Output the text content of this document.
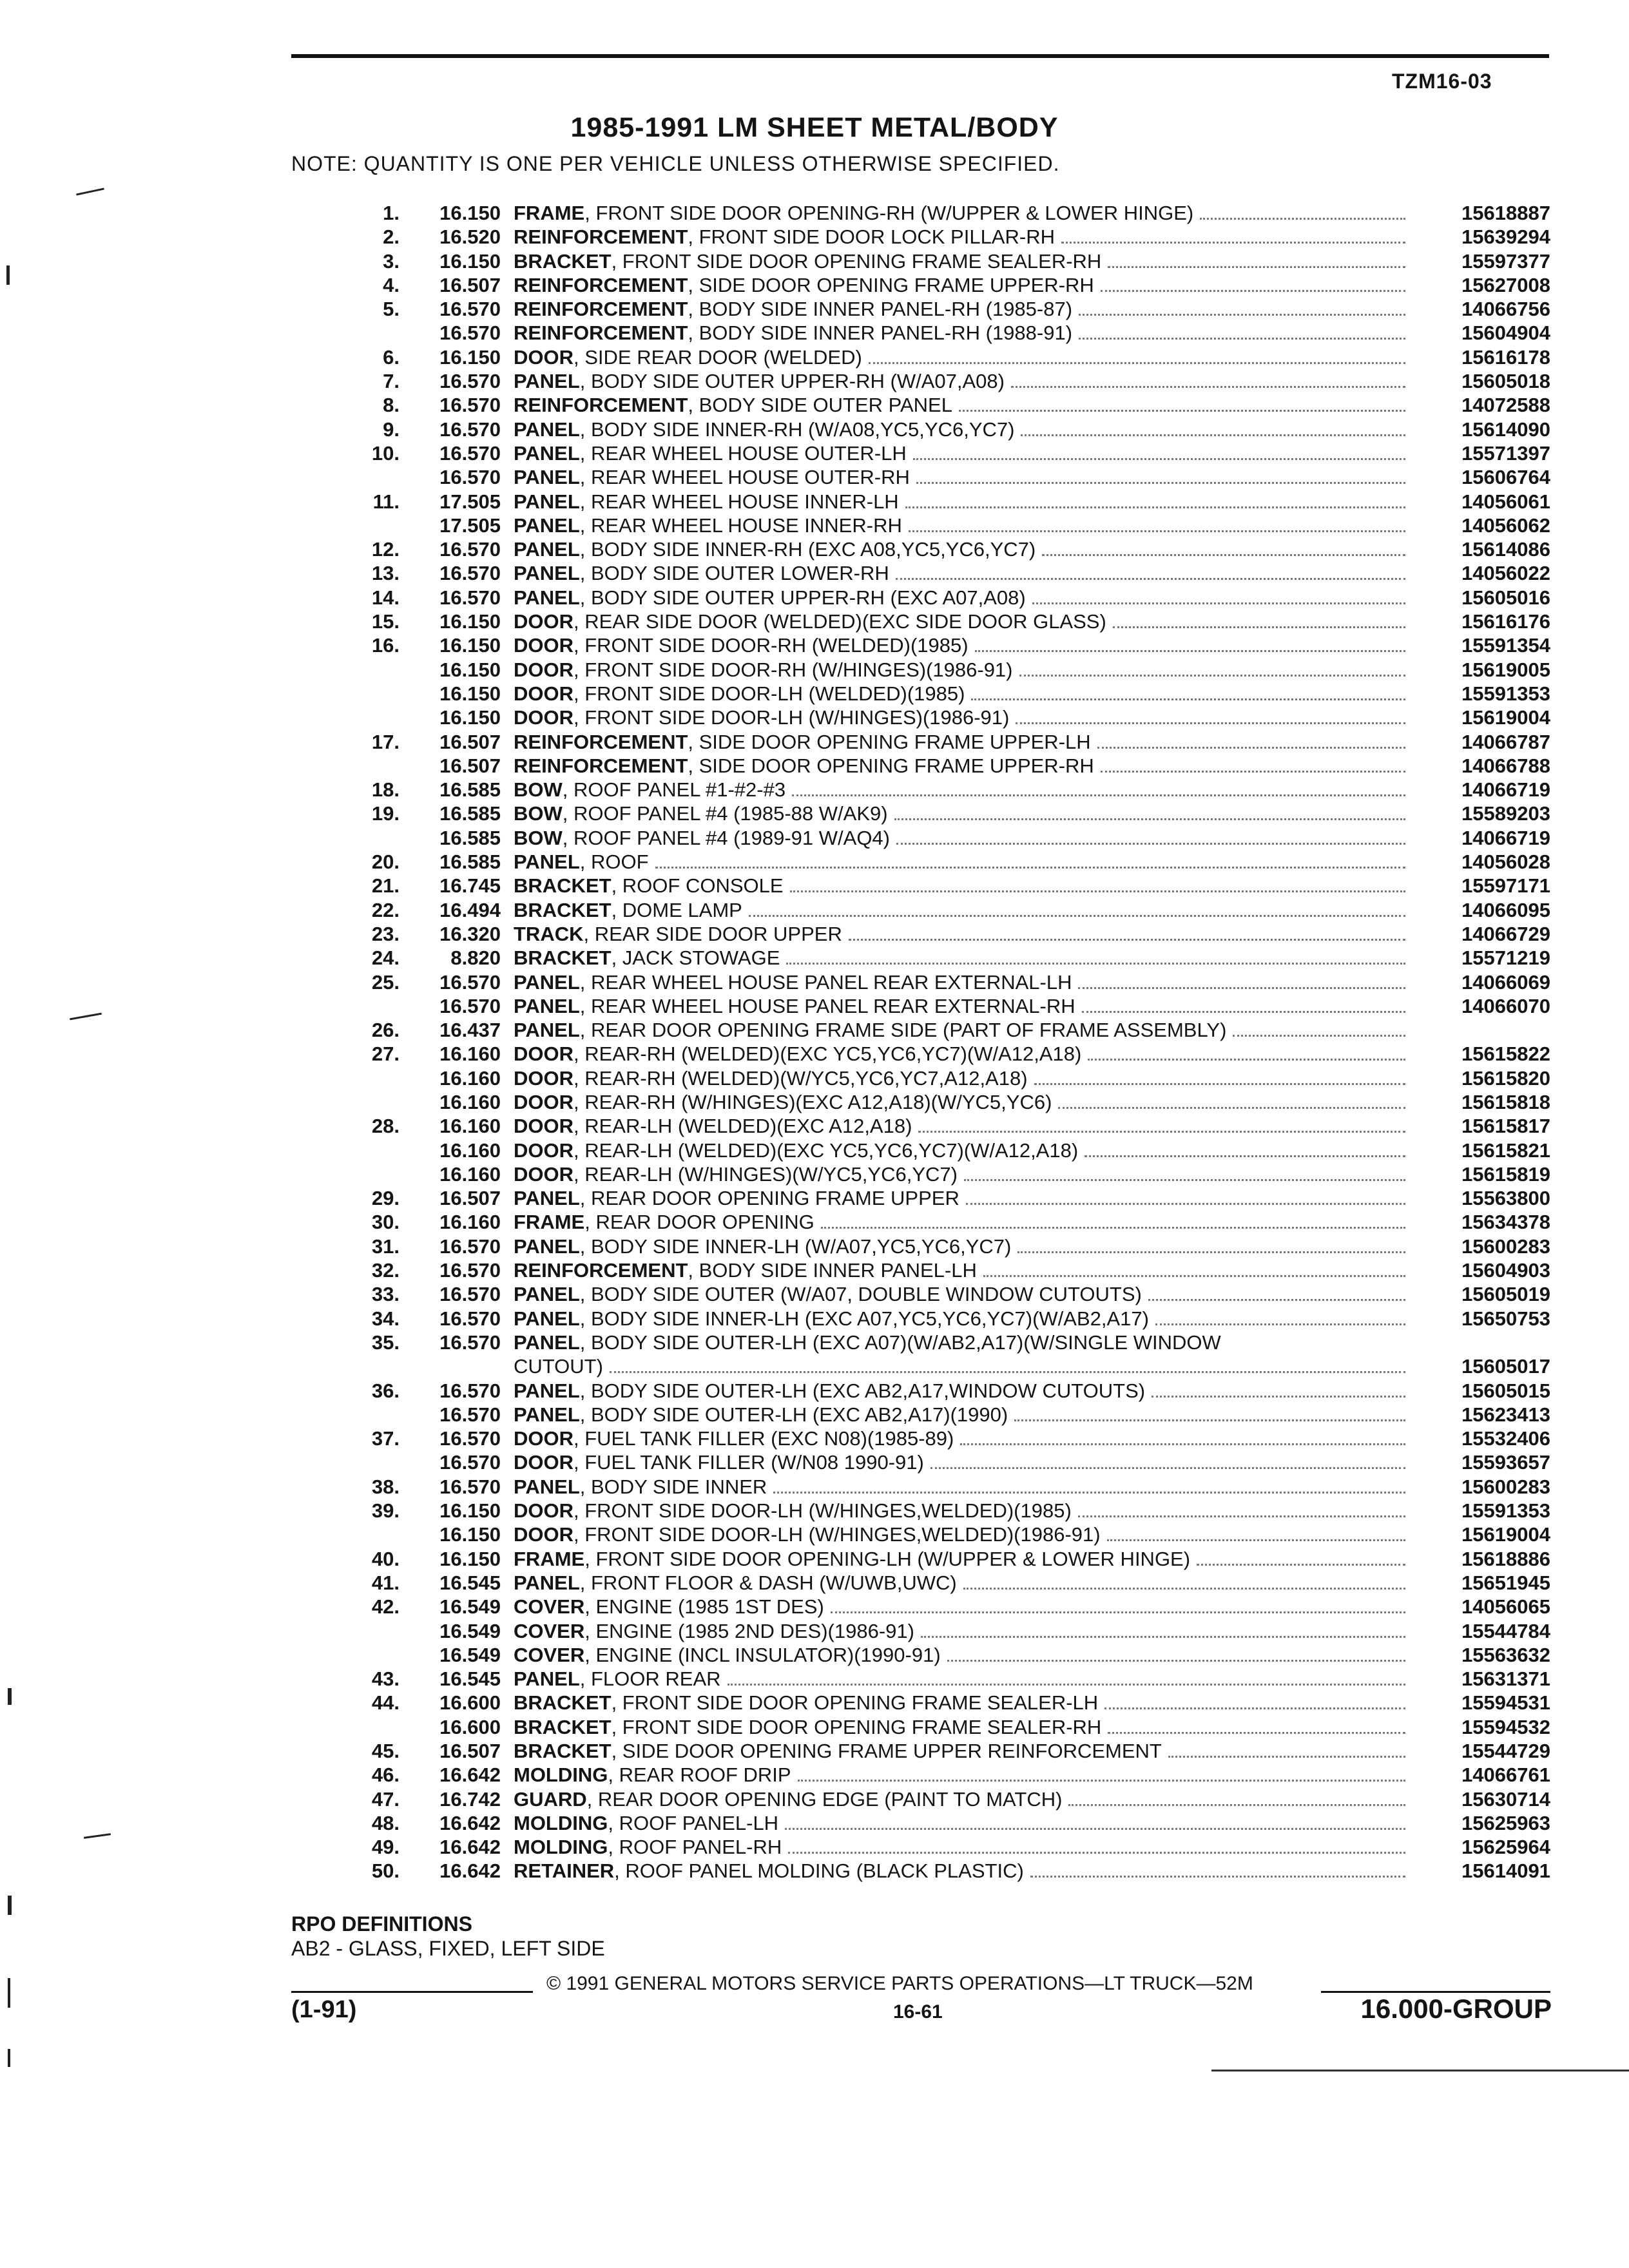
TZM16-03
1985-1991 LM SHEET METAL/BODY
NOTE: QUANTITY IS ONE PER VEHICLE UNLESS OTHERWISE SPECIFIED.
1.	16.150 FRAME , FRONT SIDE DOOR OPENING-RH (W/UPPER & LOWER HINGE)	15618887
2.	16.520 REINFORCEMENT , FRONT SIDE DOOR LOCK PILLAR-RH	15639294
3.	16.150 BRACKET , FRONT SIDE DOOR OPENING FRAME SEALER-RH	15597377
4.	16.507 REINFORCEMENT , SIDE DOOR OPENING FRAME UPPER-RH	15627008
5.	16.570 REINFORCEMENT , BODY SIDE INNER PANEL-RH (1985-87)	14066756
16.570 REINFORCEMENT , BODY SIDE INNER PANEL-RH (1988-91)	15604904
6.	16.150 DOOR , SIDE REAR DOOR (WELDED)	15616178
7.	16.570 PANEL , BODY SIDE OUTER UPPER-RH (W/A07,A08)	15605018
8.	16.570 REINFORCEMENT , BODY SIDE OUTER PANEL	14072588
9.	16.570 PANEL , BODY SIDE INNER-RH (W/A08,YC5,YC6,YC7)	15614090
10.	16.570 PANEL , REAR WHEEL HOUSE OUTER-LH	15571397
16.570 PANEL , REAR WHEEL HOUSE OUTER-RH	15606764
11.	17.505 PANEL , REAR WHEEL HOUSE INNER-LH	14056061
17.505 PANEL , REAR WHEEL HOUSE INNER-RH	14056062
12.	16.570 PANEL , BODY SIDE INNER-RH (EXC A08,YC5,YC6,YC7)	15614086
13.	16.570 PANEL , BODY SIDE OUTER LOWER-RH	14056022
14.	16.570 PANEL , BODY SIDE OUTER UPPER-RH (EXC A07,A08)	15605016
15.	16.150 DOOR , REAR SIDE DOOR (WELDED)(EXC SIDE DOOR GLASS)	15616176
16.	16.150 DOOR , FRONT SIDE DOOR-RH (WELDED)(1985)	15591354
16.150 DOOR , FRONT SIDE DOOR-RH (W/HINGES)(1986-91)	15619005
16.150 DOOR , FRONT SIDE DOOR-LH (WELDED)(1985)	15591353
16.150 DOOR , FRONT SIDE DOOR-LH (W/HINGES)(1986-91)	15619004
17.	16.507 REINFORCEMENT , SIDE DOOR OPENING FRAME UPPER-LH	14066787
16.507 REINFORCEMENT , SIDE DOOR OPENING FRAME UPPER-RH	14066788
18.	16.585 BOW , ROOF PANEL #1-#2-#3	14066719
19.	16.585 BOW , ROOF PANEL #4 (1985-88 W/AK9)	15589203
16.585 BOW , ROOF PANEL #4 (1989-91 W/AQ4)	14066719
20.	16.585 PANEL , ROOF	14056028
21.	16.745 BRACKET , ROOF CONSOLE	15597171
22.	16.494 BRACKET , DOME LAMP	14066095
23.	16.320 TRACK , REAR SIDE DOOR UPPER	14066729
24.	8.820 BRACKET , JACK STOWAGE	15571219
25.	16.570 PANEL , REAR WHEEL HOUSE PANEL REAR EXTERNAL-LH	14066069
16.570 PANEL , REAR WHEEL HOUSE PANEL REAR EXTERNAL-RH	14066070
26.	16.437 PANEL , REAR DOOR OPENING FRAME SIDE (PART OF FRAME ASSEMBLY)
27.	16.160 DOOR , REAR-RH (WELDED)(EXC YC5,YC6,YC7)(W/A12,A18)	15615822
16.160 DOOR , REAR-RH (WELDED)(W/YC5,YC6,YC7,A12,A18)	15615820
16.160 DOOR , REAR-RH (W/HINGES)(EXC A12,A18)(W/YC5,YC6)	15615818
28.	16.160 DOOR , REAR-LH (WELDED)(EXC A12,A18)	15615817
16.160 DOOR , REAR-LH (WELDED)(EXC YC5,YC6,YC7)(W/A12,A18)	15615821
16.160 DOOR , REAR-LH (W/HINGES)(W/YC5,YC6,YC7)	15615819
29.	16.507 PANEL , REAR DOOR OPENING FRAME UPPER	15563800
30.	16.160 FRAME , REAR DOOR OPENING	15634378
31.	16.570 PANEL , BODY SIDE INNER-LH (W/A07,YC5,YC6,YC7)	15600283
32.	16.570 REINFORCEMENT , BODY SIDE INNER PANEL-LH	15604903
33.	16.570 PANEL , BODY SIDE OUTER (W/A07, DOUBLE WINDOW CUTOUTS)	15605019
34.	16.570 PANEL , BODY SIDE INNER-LH (EXC A07,YC5,YC6,YC7)(W/AB2,A17)	15650753
35.	16.570 PANEL , BODY SIDE OUTER-LH (EXC A07)(W/AB2,A17)(W/SINGLE WINDOW
CUTOUT)	15605017
36.	16.570 PANEL , BODY SIDE OUTER-LH (EXC AB2,A17,WINDOW CUTOUTS)	15605015
16.570 PANEL , BODY SIDE OUTER-LH (EXC AB2,A17)(1990)	15623413
37.	16.570 DOOR , FUEL TANK FILLER (EXC N08)(1985-89)	15532406
16.570 DOOR , FUEL TANK FILLER (W/N08 1990-91)	15593657
38.	16.570 PANEL , BODY SIDE INNER	15600283
39.	16.150 DOOR , FRONT SIDE DOOR-LH (W/HINGES,WELDED)(1985)	15591353
16.150 DOOR , FRONT SIDE DOOR-LH (W/HINGES,WELDED)(1986-91)	15619004
40.	16.150 FRAME , FRONT SIDE DOOR OPENING-LH (W/UPPER & LOWER HINGE)	15618886
41.	16.545 PANEL , FRONT FLOOR & DASH (W/UWB,UWC)	15651945
42.	16.549 COVER , ENGINE (1985 1ST DES)	14056065
16.549 COVER , ENGINE (1985 2ND DES)(1986-91)	15544784
16.549 COVER , ENGINE (INCL INSULATOR)(1990-91)	15563632
43.	16.545 PANEL , FLOOR REAR	15631371
44.	16.600 BRACKET , FRONT SIDE DOOR OPENING FRAME SEALER-LH	15594531
16.600 BRACKET , FRONT SIDE DOOR OPENING FRAME SEALER-RH	15594532
45.	16.507 BRACKET , SIDE DOOR OPENING FRAME UPPER REINFORCEMENT	15544729
46.	16.642 MOLDING , REAR ROOF DRIP	14066761
47.	16.742 GUARD , REAR DOOR OPENING EDGE (PAINT TO MATCH)	15630714
48.	16.642 MOLDING , ROOF PANEL-LH	15625963
49.	16.642 MOLDING , ROOF PANEL-RH	15625964
50.	16.642 RETAINER , ROOF PANEL MOLDING (BLACK PLASTIC)	15614091
RPO DEFINITIONS
AB2 - GLASS, FIXED, LEFT SIDE
© 1991 GENERAL MOTORS SERVICE PARTS OPERATIONS—LT TRUCK—52M
(1-91)	16-61	16.000-GROUP
